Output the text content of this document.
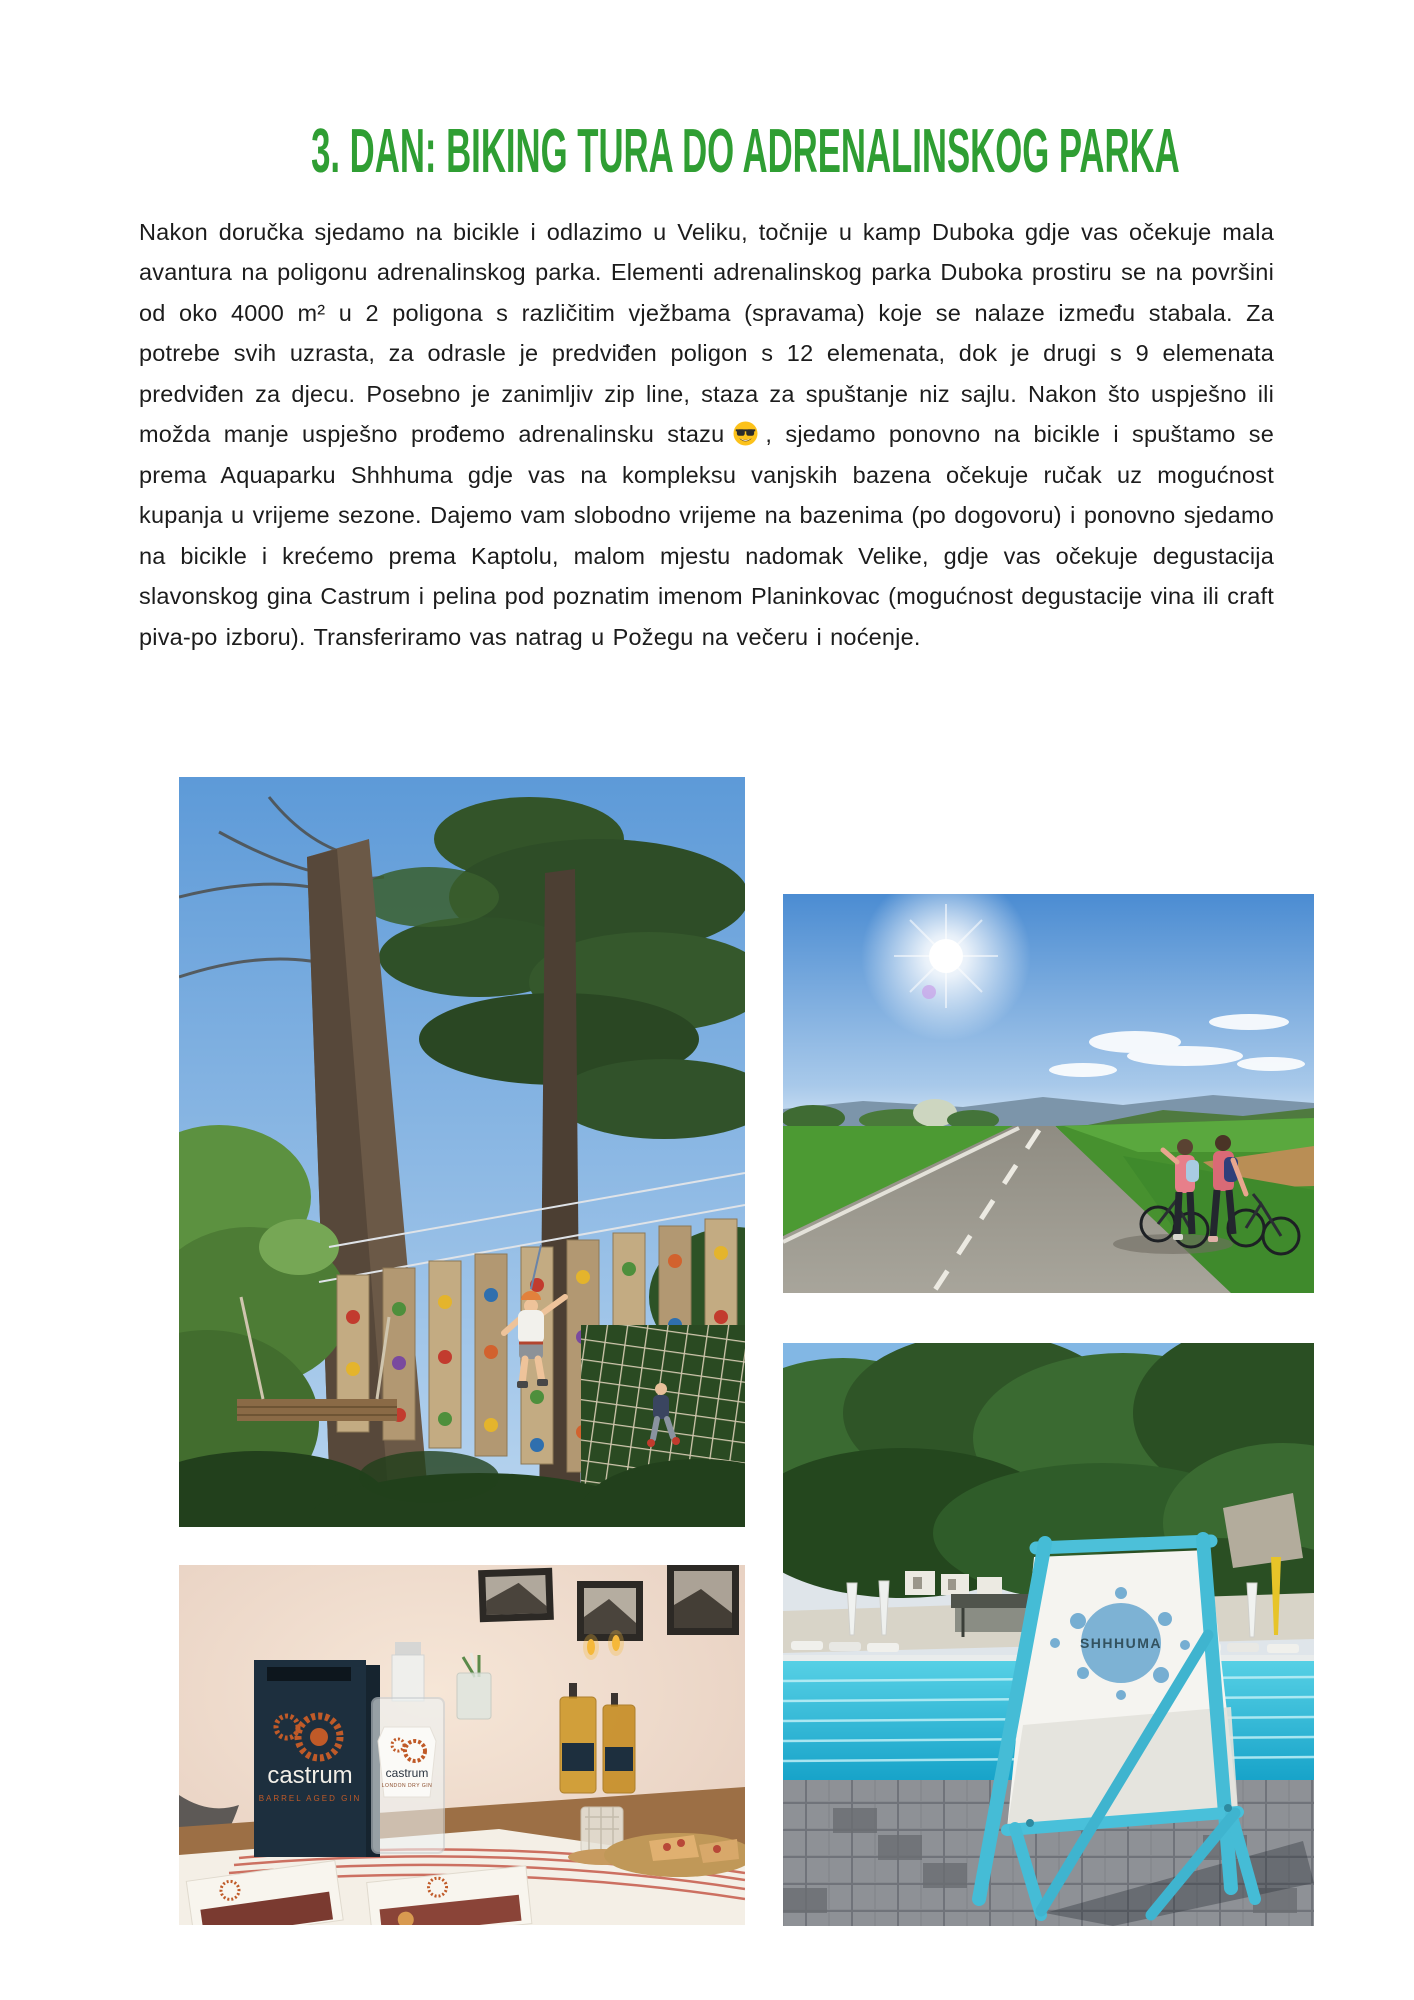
3. DAN: BIKING TURA DO ADRENALINSKOG PARKA

Nakon doručka sjedamo na bicikle i odlazimo u Veliku, točnije u kamp Duboka gdje vas očekuje mala avantura na poligonu adrenalinskog parka. Elementi adrenalinskog parka Duboka prostiru se na površini od oko 4000 m² u 2 poligona s različitim vježbama (spravama) koje se nalaze između stabala. Za potrebe svih uzrasta, za odrasle je predviđen poligon s 12 elemenata, dok je drugi s 9 elemenata predviđen za djecu. Posebno je zanimljiv zip line, staza za spuštanje niz sajlu. Nakon što uspješno ili možda manje uspješno prođemo adrenalinsku stazu , sjedamo ponovno na bicikle i spuštamo se prema Aquaparku Shhhuma gdje vas na kompleksu vanjskih bazena očekuje ručak uz mogućnost kupanja u vrijeme sezone. Dajemo vam slobodno vrijeme na bazenima (po dogovoru) i ponovno sjedamo na bicikle i krećemo prema Kaptolu, malom mjestu nadomak Velike, gdje vas očekuje degustacija slavonskog gina Castrum i pelina pod poznatim imenom Planinkovac (mogućnost degustacije vina ili craft piva-po izboru). Transferiramo vas natrag u Požegu na večeru i noćenje.

SHHHUMA
castrum
BARREL AGED GIN
castrum
LONDON DRY GIN
